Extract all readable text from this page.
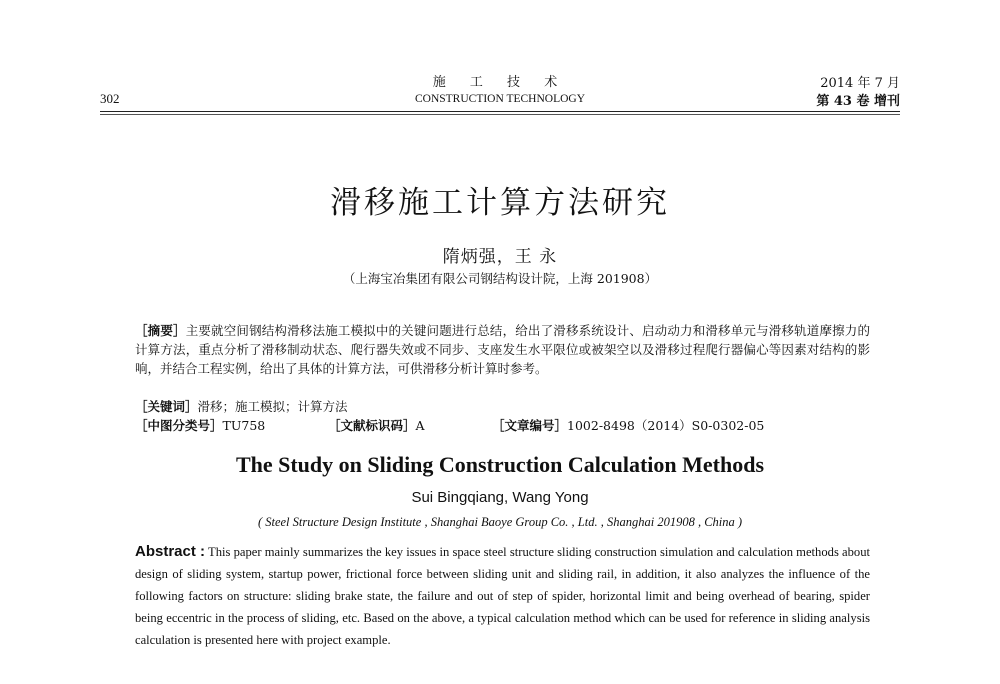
302
施 工 技 术
CONSTRUCTION TECHNOLOGY
2014 年 7 月
第 43 卷 增刊
滑移施工计算方法研究
隋炳强，王 永
（上海宝冶集团有限公司钢结构设计院，上海 201908）
［摘要］主要就空间钢结构滑移法施工模拟中的关键问题进行总结，给出了滑移系统设计、启动动力和滑移单元与滑移轨道摩擦力的计算方法，重点分析了滑移制动状态、爬行器失效或不同步、支座发生水平限位或被架空以及滑移过程爬行器偏心等因素对结构的影响，并结合工程实例，给出了具体的计算方法，可供滑移分析计算时参考。
［关键词］滑移；施工模拟；计算方法
［中图分类号］TU758	［文献标识码］A	［文章编号］1002-8498（2014）S0-0302-05
The Study on Sliding Construction Calculation Methods
Sui Bingqiang, Wang Yong
( Steel Structure Design Institute , Shanghai Baoye Group Co. , Ltd. , Shanghai 201908 , China )
Abstract : This paper mainly summarizes the key issues in space steel structure sliding construction simulation and calculation methods about design of sliding system, startup power, frictional force between sliding unit and sliding rail, in addition, it also analyzes the influence of the following factors on structure: sliding brake state, the failure and out of step of spider, horizontal limit and being overhead of bearing, spider being eccentric in the process of sliding, etc. Based on the above, a typical calculation method which can be used for reference in sliding analysis calculation is presented here with project example.
